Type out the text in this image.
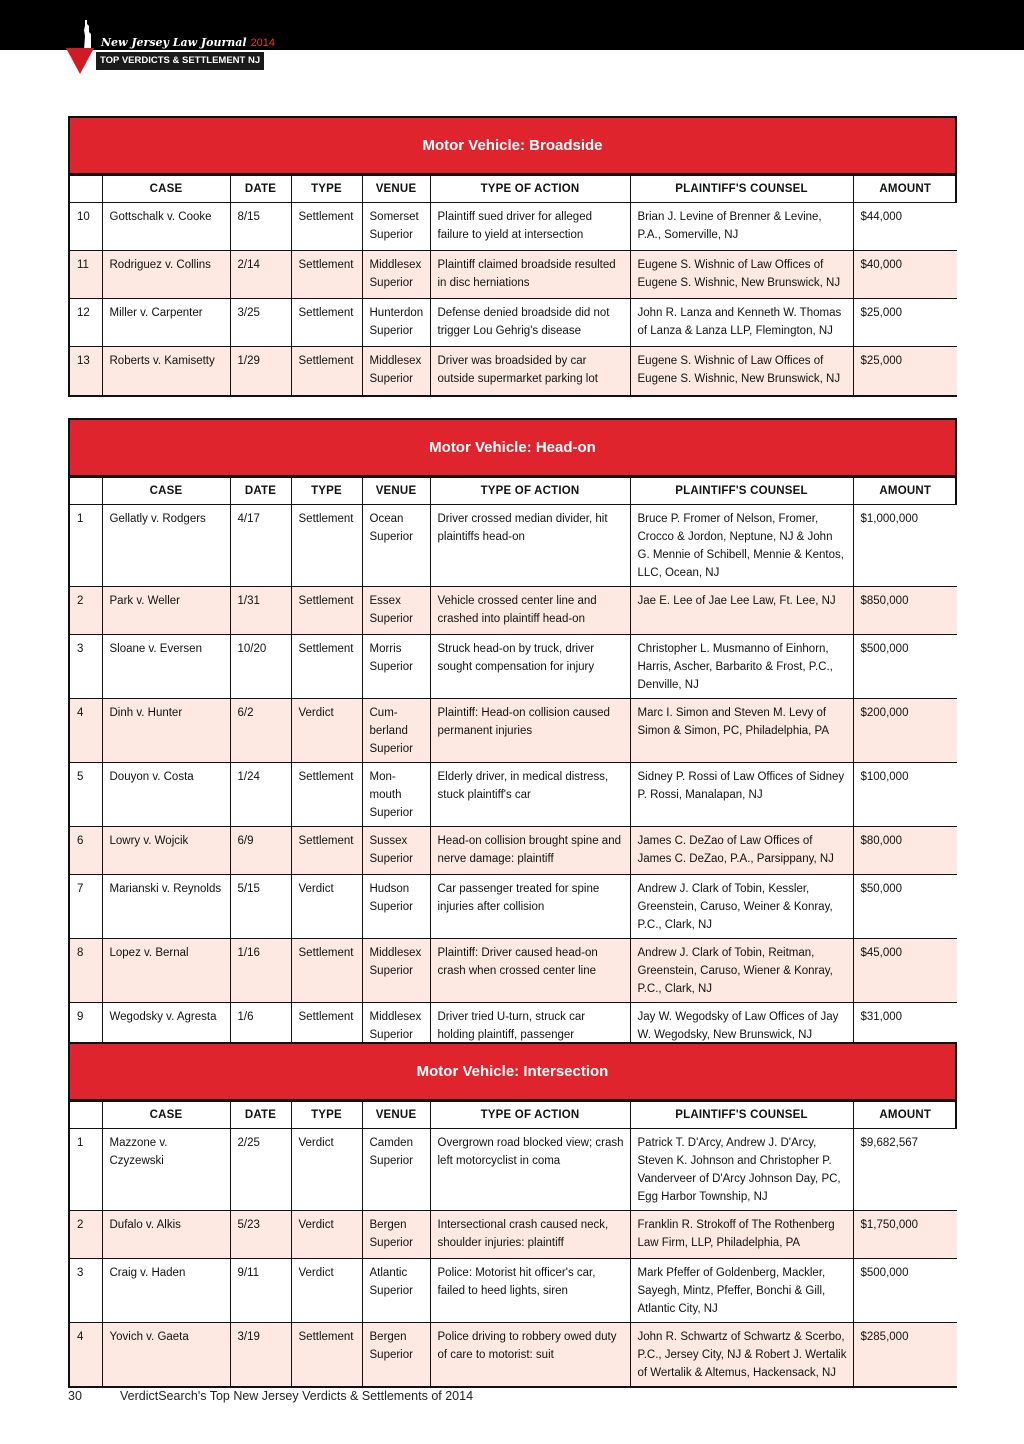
New Jersey Law Journal 2014
TOP VERDICTS & SETTLEMENT NJ
Motor Vehicle: Broadside
	CASE	DATE	TYPE	VENUE	TYPE OF ACTION	PLAINTIFF'S COUNSEL	AMOUNT
10	Gottschalk v. Cooke	8/15	Settlement	Somerset Superior	Plaintiff sued driver for alleged failure to yield at intersection	Brian J. Levine of Brenner & Levine, P.A., Somerville, NJ	$44,000
11	Rodriguez v. Collins	2/14	Settlement	Middlesex Superior	Plaintiff claimed broadside resulted in disc herniations	Eugene S. Wishnic of Law Offices of Eugene S. Wishnic, New Brunswick, NJ	$40,000
12	Miller v. Carpenter	3/25	Settlement	Hunterdon Superior	Defense denied broadside did not trigger Lou Gehrig's disease	John R. Lanza and Kenneth W. Thomas of Lanza & Lanza LLP, Flemington, NJ	$25,000
13	Roberts v. Kamisetty	1/29	Settlement	Middlesex Superior	Driver was broadsided by car outside supermarket parking lot	Eugene S. Wishnic of Law Offices of Eugene S. Wishnic, New Brunswick, NJ	$25,000
Motor Vehicle: Head-on
	CASE	DATE	TYPE	VENUE	TYPE OF ACTION	PLAINTIFF'S COUNSEL	AMOUNT
1	Gellatly v. Rodgers	4/17	Settlement	Ocean Superior	Driver crossed median divider, hit plaintiffs head-on	Bruce P. Fromer of Nelson, Fromer, Crocco & Jordon, Neptune, NJ & John G. Mennie of Schibell, Mennie & Kentos, LLC, Ocean, NJ	$1,000,000
2	Park v. Weller	1/31	Settlement	Essex Superior	Vehicle crossed center line and crashed into plaintiff head-on	Jae E. Lee of Jae Lee Law, Ft. Lee, NJ	$850,000
3	Sloane v. Eversen	10/20	Settlement	Morris Superior	Struck head-on by truck, driver sought compensation for injury	Christopher L. Musmanno of Einhorn, Harris, Ascher, Barbarito & Frost, P.C., Denville, NJ	$500,000
4	Dinh v. Hunter	6/2	Verdict	Cum-berland Superior	Plaintiff: Head-on collision caused permanent injuries	Marc I. Simon and Steven M. Levy of Simon & Simon, PC, Philadelphia, PA	$200,000
5	Douyon v. Costa	1/24	Settlement	Mon-mouth Superior	Elderly driver, in medical distress, stuck plaintiff's car	Sidney P. Rossi of Law Offices of Sidney P. Rossi, Manalapan, NJ	$100,000
6	Lowry v. Wojcik	6/9	Settlement	Sussex Superior	Head-on collision brought spine and nerve damage: plaintiff	James C. DeZao of Law Offices of James C. DeZao, P.A., Parsippany, NJ	$80,000
7	Marianski v. Reynolds	5/15	Verdict	Hudson Superior	Car passenger treated for spine injuries after collision	Andrew J. Clark of Tobin, Kessler, Greenstein, Caruso, Weiner & Konray, P.C., Clark, NJ	$50,000
8	Lopez v. Bernal	1/16	Settlement	Middlesex Superior	Plaintiff: Driver caused head-on crash when crossed center line	Andrew J. Clark of Tobin, Reitman, Greenstein, Caruso, Wiener & Konray, P.C., Clark, NJ	$45,000
9	Wegodsky v. Agresta	1/6	Settlement	Middlesex Superior	Driver tried U-turn, struck car holding plaintiff, passenger	Jay W. Wegodsky of Law Offices of Jay W. Wegodsky, New Brunswick, NJ	$31,000
Motor Vehicle: Intersection
	CASE	DATE	TYPE	VENUE	TYPE OF ACTION	PLAINTIFF'S COUNSEL	AMOUNT
1	Mazzone v. Czyzewski	2/25	Verdict	Camden Superior	Overgrown road blocked view; crash left motorcyclist in coma	Patrick T. D'Arcy, Andrew J. D'Arcy, Steven K. Johnson and Christopher P. Vanderveer of D'Arcy Johnson Day, PC, Egg Harbor Township, NJ	$9,682,567
2	Dufalo v. Alkis	5/23	Verdict	Bergen Superior	Intersectional crash caused neck, shoulder injuries: plaintiff	Franklin R. Strokoff of The Rothenberg Law Firm, LLP, Philadelphia, PA	$1,750,000
3	Craig v. Haden	9/11	Verdict	Atlantic Superior	Police: Motorist hit officer's car, failed to heed lights, siren	Mark Pfeffer of Goldenberg, Mackler, Sayegh, Mintz, Pfeffer, Bonchi & Gill, Atlantic City, NJ	$500,000
4	Yovich v. Gaeta	3/19	Settlement	Bergen Superior	Police driving to robbery owed duty of care to motorist: suit	John R. Schwartz of Schwartz & Scerbo, P.C., Jersey City, NJ & Robert J. Wertalik of Wertalik & Altemus, Hackensack, NJ	$285,000
30	VerdictSearch's Top New Jersey Verdicts & Settlements of 2014
